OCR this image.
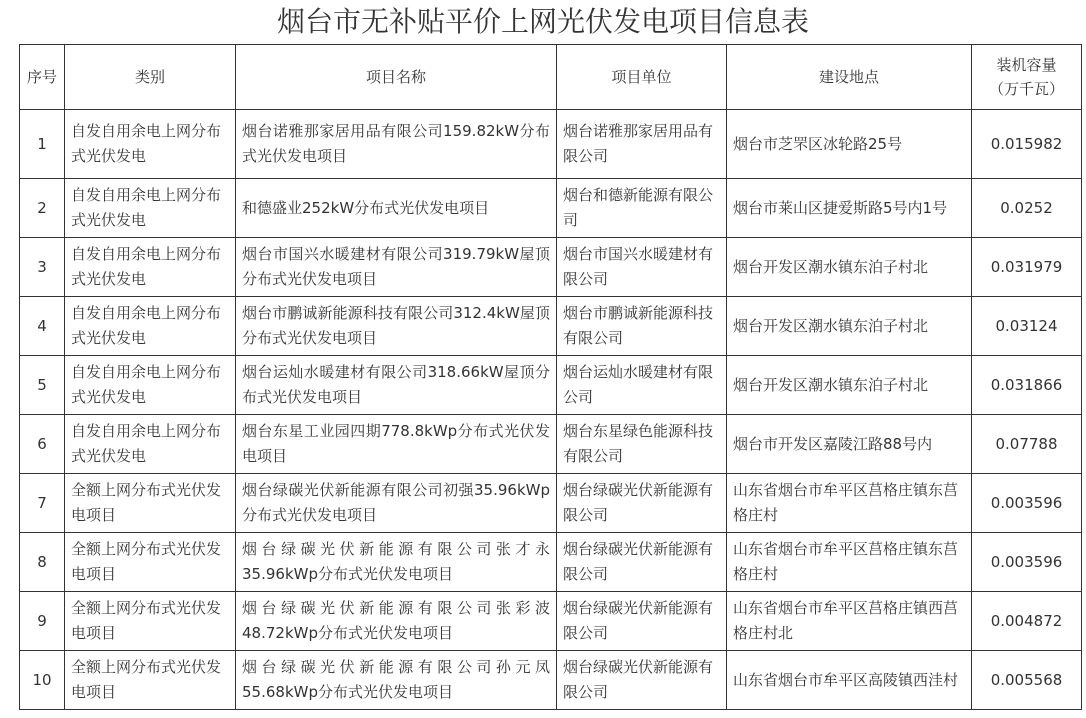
烟台市无补贴平价上网光伏发电项目信息表
序号	类别	项目名称	项目单位	建设地点	装机容量
（万千瓦）

1	自发自用余电上网分布式光伏发电	烟台诺雅那家居用品有限公司159.82kW分布式光伏发电项目	烟台诺雅那家居用品有限公司	烟台市芝罘区冰轮路25号	0.015982
2	自发自用余电上网分布式光伏发电	和德盛业252kW分布式光伏发电项目	烟台和德新能源有限公司	烟台市莱山区捷爱斯路5号内1号	0.0252
3	自发自用余电上网分布式光伏发电	烟台市国兴水暖建材有限公司319.79kW屋顶分布式光伏发电项目	烟台市国兴水暖建材有限公司	烟台开发区潮水镇东泊子村北	0.031979
4	自发自用余电上网分布式光伏发电	烟台市鹏诚新能源科技有限公司312.4kW屋顶分布式光伏发电项目	烟台市鹏诚新能源科技有限公司	烟台开发区潮水镇东泊子村北	0.03124
5	自发自用余电上网分布式光伏发电	烟台运灿水暖建材有限公司318.66kW屋顶分布式光伏发电项目	烟台运灿水暖建材有限公司	烟台开发区潮水镇东泊子村北	0.031866
6	自发自用余电上网分布式光伏发电	烟台东星工业园四期778.8kWp分布式光伏发电项目	烟台东星绿色能源科技有限公司	烟台市开发区嘉陵江路88号内	0.07788
7	全额上网分布式光伏发电项目	烟台绿碳光伏新能源有限公司初强35.96kWp分布式光伏发电项目	烟台绿碳光伏新能源有限公司	山东省烟台市牟平区莒格庄镇东莒格庄村	0.003596
8	全额上网分布式光伏发电项目	烟台绿碳光伏新能源有限公司张才永35.96kWp分布式光伏发电项目	烟台绿碳光伏新能源有限公司	山东省烟台市牟平区莒格庄镇东莒格庄村	0.003596
9	全额上网分布式光伏发电项目	烟台绿碳光伏新能源有限公司张彩波48.72kWp分布式光伏发电项目	烟台绿碳光伏新能源有限公司	山东省烟台市牟平区莒格庄镇西莒格庄村北	0.004872
10	全额上网分布式光伏发电项目	烟台绿碳光伏新能源有限公司孙元凤55.68kWp分布式光伏发电项目	烟台绿碳光伏新能源有限公司	山东省烟台市牟平区高陵镇西洼村	0.005568
